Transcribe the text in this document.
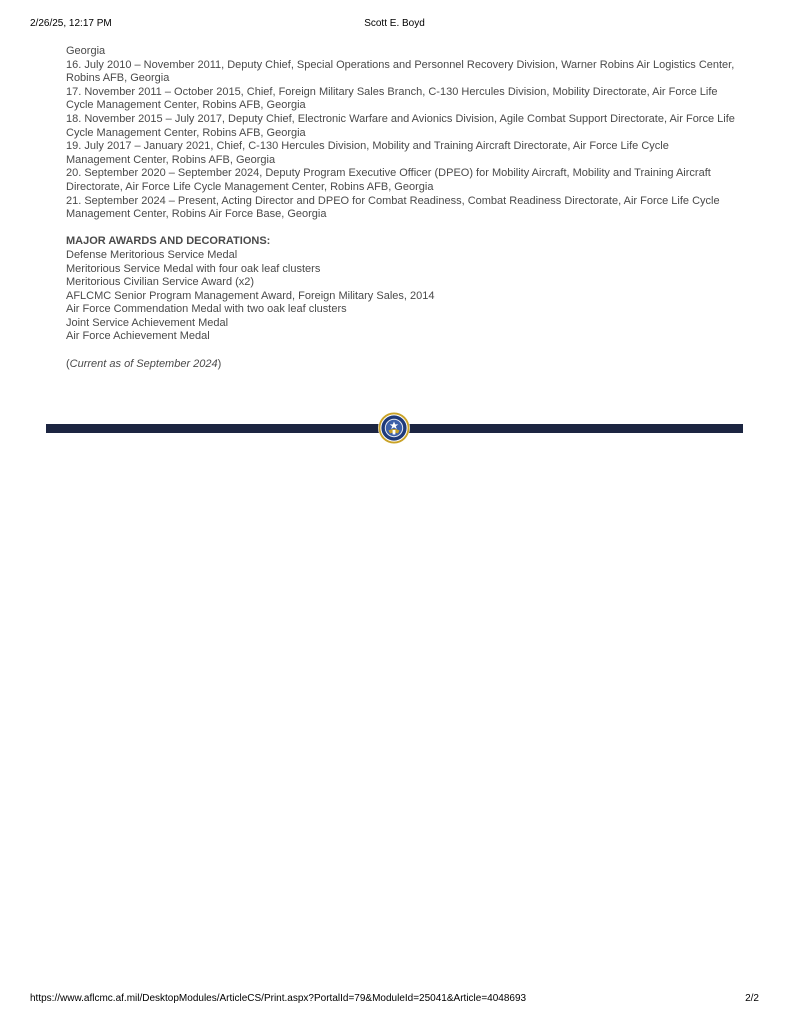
2/26/25, 12:17 PM	Scott E. Boyd

Georgia

16. July 2010 – November 2011, Deputy Chief, Special Operations and Personnel Recovery Division, Warner Robins Air Logistics Center, Robins AFB, Georgia

17. November 2011 – October 2015, Chief, Foreign Military Sales Branch, C-130 Hercules Division, Mobility Directorate, Air Force Life Cycle Management Center, Robins AFB, Georgia

18. November 2015 – July 2017, Deputy Chief, Electronic Warfare and Avionics Division, Agile Combat Support Directorate, Air Force Life Cycle Management Center, Robins AFB, Georgia

19. July 2017 – January 2021, Chief, C-130 Hercules Division, Mobility and Training Aircraft Directorate, Air Force Life Cycle Management Center, Robins AFB, Georgia

20. September 2020 – September 2024, Deputy Program Executive Officer (DPEO) for Mobility Aircraft, Mobility and Training Aircraft Directorate, Air Force Life Cycle Management Center, Robins AFB, Georgia

21. September 2024 – Present, Acting Director and DPEO for Combat Readiness, Combat Readiness Directorate, Air Force Life Cycle Management Center, Robins Air Force Base, Georgia

MAJOR AWARDS AND DECORATIONS:

Defense Meritorious Service Medal

Meritorious Service Medal with four oak leaf clusters

Meritorious Civilian Service Award (x2)

AFLCMC Senior Program Management Award, Foreign Military Sales, 2014

Air Force Commendation Medal with two oak leaf clusters

Joint Service Achievement Medal

Air Force Achievement Medal

(Current as of September 2024)

https://www.aflcmc.af.mil/DesktopModules/ArticleCS/Print.aspx?PortalId=79&ModuleId=25041&Article=4048693	2/2
